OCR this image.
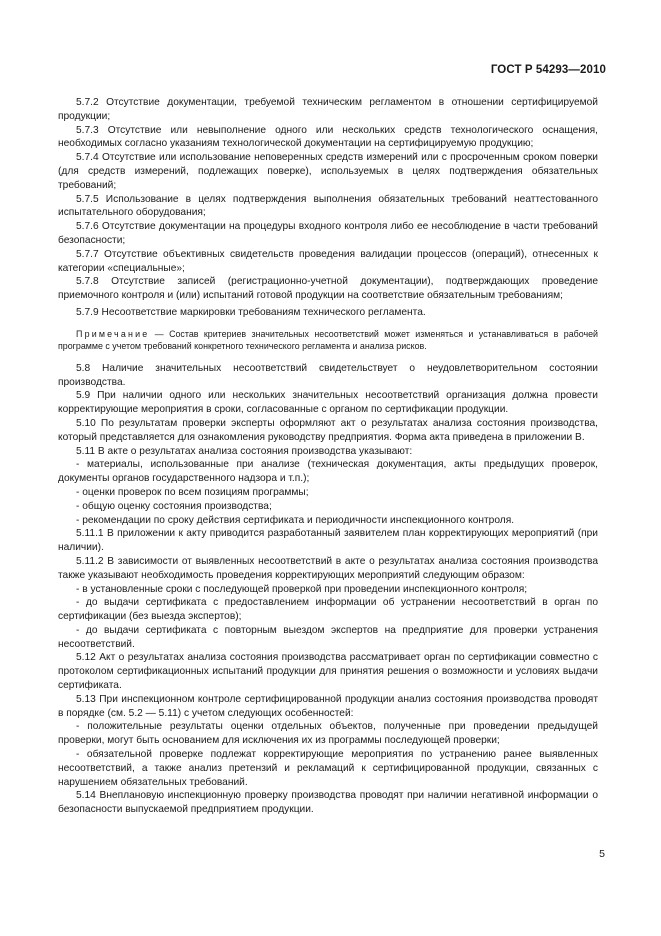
ГОСТ Р 54293—2010

5.7.2 Отсутствие документации, требуемой техническим регламентом в отношении сертифицируемой продукции;

5.7.3 Отсутствие или невыполнение одного или нескольких средств технологического оснащения, необходимых согласно указаниям технологической документации на сертифицируемую продукцию;

5.7.4 Отсутствие или использование неповеренных средств измерений или с просроченным сроком поверки (для средств измерений, подлежащих поверке), используемых в целях подтверждения обязательных требований;

5.7.5 Использование в целях подтверждения выполнения обязательных требований неаттестованного испытательного оборудования;

5.7.6 Отсутствие документации на процедуры входного контроля либо ее несоблюдение в части требований безопасности;

5.7.7 Отсутствие объективных свидетельств проведения валидации процессов (операций), отнесенных к категории «специальные»;

5.7.8 Отсутствие записей (регистрационно-учетной документации), подтверждающих проведение приемочного контроля и (или) испытаний готовой продукции на соответствие обязательным требованиям;

5.7.9 Несоответствие маркировки требованиям технического регламента.

Примечание — Состав критериев значительных несоответствий может изменяться и устанавливаться в рабочей программе с учетом требований конкретного технического регламента и анализа рисков.

5.8 Наличие значительных несоответствий свидетельствует о неудовлетворительном состоянии производства.

5.9 При наличии одного или нескольких значительных несоответствий организация должна провести корректирующие мероприятия в сроки, согласованные с органом по сертификации продукции.

5.10 По результатам проверки эксперты оформляют акт о результатах анализа состояния производства, который представляется для ознакомления руководству предприятия. Форма акта приведена в приложении В.

5.11 В акте о результатах анализа состояния производства указывают:

- материалы, использованные при анализе (техническая документация, акты предыдущих проверок, документы органов государственного надзора и т.п.);

- оценки проверок по всем позициям программы;

- общую оценку состояния производства;

- рекомендации по сроку действия сертификата и периодичности инспекционного контроля.

5.11.1 В приложении к акту приводится разработанный заявителем план корректирующих мероприятий (при наличии).

5.11.2 В зависимости от выявленных несоответствий в акте о результатах анализа состояния производства также указывают необходимость проведения корректирующих мероприятий следующим образом:

- в установленные сроки с последующей проверкой при проведении инспекционного контроля;

- до выдачи сертификата с предоставлением информации об устранении несоответствий в орган по сертификации (без выезда экспертов);

- до выдачи сертификата с повторным выездом экспертов на предприятие для проверки устранения несоответствий.

5.12 Акт о результатах анализа состояния производства рассматривает орган по сертификации совместно с протоколом сертификационных испытаний продукции для принятия решения о возможности и условиях выдачи сертификата.

5.13 При инспекционном контроле сертифицированной продукции анализ состояния производства проводят в порядке (см. 5.2 — 5.11) с учетом следующих особенностей:

- положительные результаты оценки отдельных объектов, полученные при проведении предыдущей проверки, могут быть основанием для исключения их из программы последующей проверки;

- обязательной проверке подлежат корректирующие мероприятия по устранению ранее выявленных несоответствий, а также анализ претензий и рекламаций к сертифицированной продукции, связанных с нарушением обязательных требований.

5.14 Внеплановую инспекционную проверку производства проводят при наличии негативной информации о безопасности выпускаемой предприятием продукции.

5
